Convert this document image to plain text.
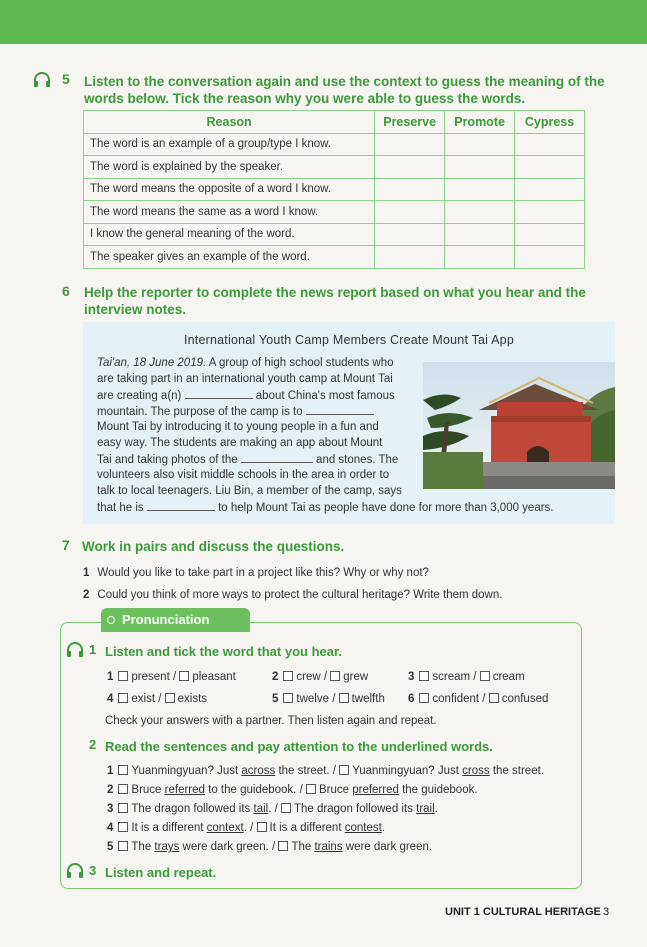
5 Listen to the conversation again and use the context to guess the meaning of the
words below. Tick the reason why you were able to guess the words.
Reason	Preserve	Promote	Cypress
The word is an example of a group/type I know.			
The word is explained by the speaker.			
The word means the opposite of a word I know.			
The word means the same as a word I know.			
I know the general meaning of the word.			
The speaker gives an example of the word.			
6 Help the reporter to complete the news report based on what you hear and the
interview notes.
International Youth Camp Members Create Mount Tai App
Tai'an, 18 June 2019. A group of high school students who
are taking part in an international youth camp at Mount Tai
are creating a(n)	about China's most famous
mountain. The purpose of the camp is to
Mount Tai by introducing it to young people in a fun and
easy way. The students are making an app about Mount
Tai and taking photos of the	and stones. The
volunteers also visit middle schools in the area in order to
talk to local teenagers. Liu Bin, a member of the camp, says
that he is	to help Mount Tai as people have done for more than 3,000 years.
7 Work in pairs and discuss the questions.
1 Would you like to take part in a project like this? Why or why not?
2 Could you think of more ways to protect the cultural heritage? Write them down.
Pronunciation
1 Listen and tick the word that you hear.
1 present / pleasant	2 crew / grew	3 scream / cream
4 exist / exists	5 twelve / twelfth 6 confident / confused
Check your answers with a partner. Then listen again and repeat.
2 Read the sentences and pay attention to the underlined words.
1 Yuanmingyuan? Just across the street. / Yuanmingyuan? Just cross the street.
2 Bruce referred to the guidebook. / Bruce preferred the guidebook.
3 The dragon followed its tail. / The dragon followed its trail.
4 It is a different context. / It is a different contest.
5 The trays were dark green. / The trains were dark green.
3 Listen and repeat.
UNIT 1 CULTURAL HERITAGE 3
